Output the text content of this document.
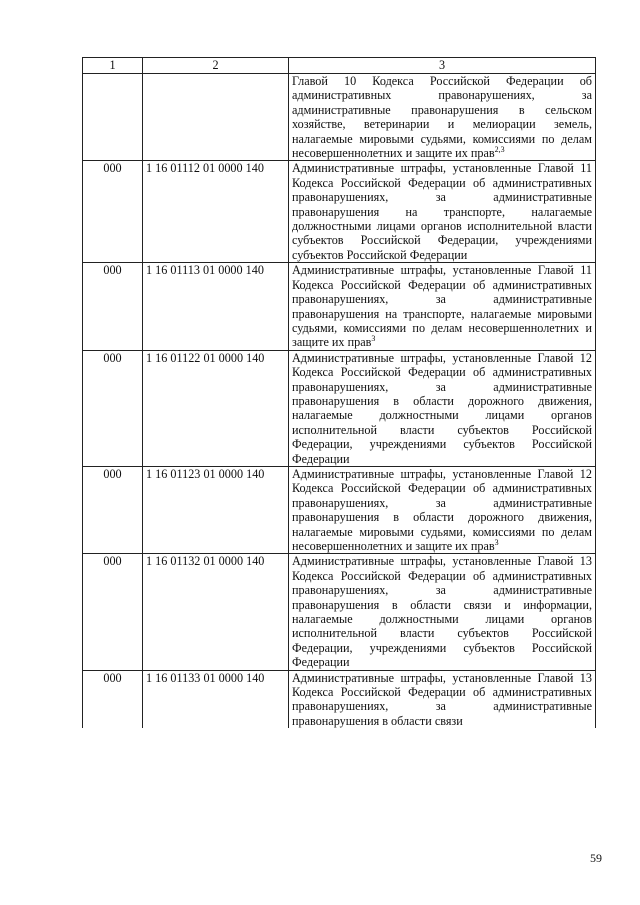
1	2	3
		Главой 10 Кодекса Российской Федерации об административных правонарушениях, за административные правонарушения в сельском хозяйстве, ветеринарии и мелиорации земель, налагаемые мировыми судьями, комиссиями по делам несовершеннолетних и защите их прав$^{2,3}$
000	1 16 01112 01 0000 140	Административные штрафы, установленные Главой 11 Кодекса Российской Федерации об административных правонарушениях, за административные правонарушения на транспорте, налагаемые должностными лицами органов исполнительной власти субъектов Российской Федерации, учреждениями субъектов Российской Федерации
000	1 16 01113 01 0000 140	Административные штрафы, установленные Главой 11 Кодекса Российской Федерации об административных правонарушениях, за административные правонарушения на транспорте, налагаемые мировыми судьями, комиссиями по делам несовершеннолетних и защите их прав$^3$
000	1 16 01122 01 0000 140	Административные штрафы, установленные Главой 12 Кодекса Российской Федерации об административных правонарушениях, за административные правонарушения в области дорожного движения, налагаемые должностными лицами органов исполнительной власти субъектов Российской Федерации, учреждениями субъектов Российской Федерации
000	1 16 01123 01 0000 140	Административные штрафы, установленные Главой 12 Кодекса Российской Федерации об административных правонарушениях, за административные правонарушения в области дорожного движения, налагаемые мировыми судьями, комиссиями по делам несовершеннолетних и защите их прав$^3$
000	1 16 01132 01 0000 140	Административные штрафы, установленные Главой 13 Кодекса Российской Федерации об административных правонарушениях, за административные правонарушения в области связи и информации, налагаемые должностными лицами органов исполнительной власти субъектов Российской Федерации, учреждениями субъектов Российской Федерации
000	1 16 01133 01 0000 140	Административные штрафы, установленные Главой 13 Кодекса Российской Федерации об административных правонарушениях, за административные правонарушения в области связи
59
